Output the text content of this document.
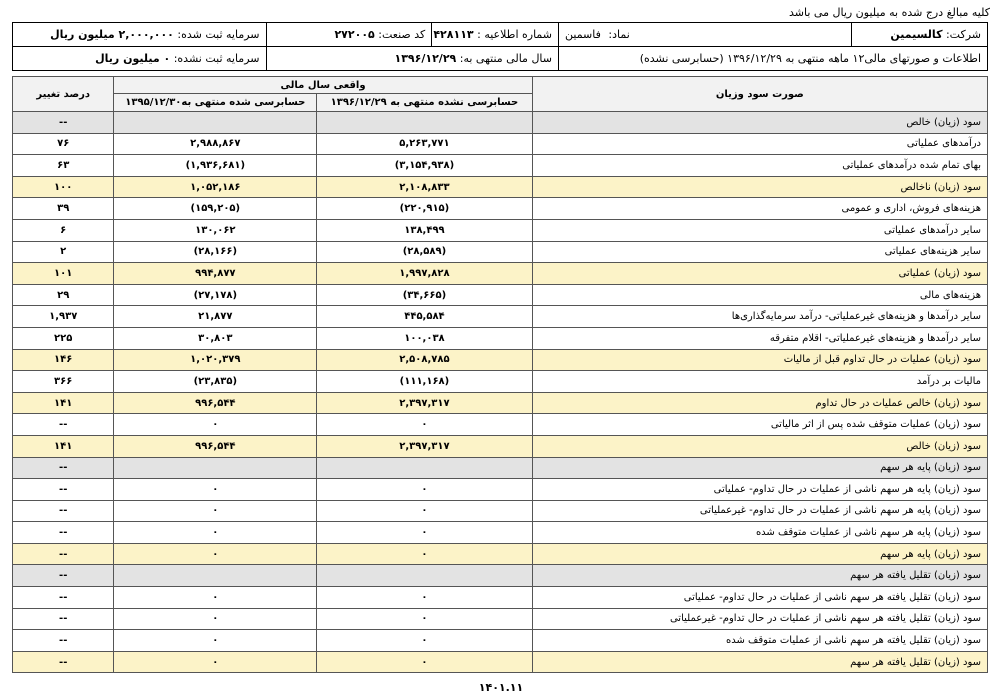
کلیه مبالغ درج شده به میلیون ریال می باشد
شرکت: کالسیمین	نماد: فاسمین	شماره اطلاعیه : ۴۲۸۱۱۳	کد صنعت: ۲۷۲۰۰۵	سرمایه ثبت شده: ۲,۰۰۰,۰۰۰ میلیون ریال
اطلاعات و صورتهای مالی۱۲ ماهه منتهی به ۱۳۹۶/۱۲/۲۹ (حسابرسی نشده)		سال مالی منتهی به: ۱۳۹۶/۱۲/۲۹		سرمایه ثبت نشده: ۰ میلیون ریال
صورت سود وزیان	واقعی سال مالی		درصد تغییر
	حسابرسی نشده منتهی به ۱۳۹۶/۱۲/۲۹	حسابرسی شده منتهی به۱۳۹۵/۱۲/۳۰	
سود (زیان) خالص			--
درآمدهای عملیاتی	۵,۲۶۳,۷۷۱	۲,۹۸۸,۸۶۷	۷۶
بهای تمام شده درآمدهای عملیاتی	(۳,۱۵۴,۹۳۸)	(۱,۹۳۶,۶۸۱)	۶۳
سود (زیان) ناخالص	۲,۱۰۸,۸۳۳	۱,۰۵۲,۱۸۶	۱۰۰
هزینه‌های فروش، اداری و عمومی	(۲۲۰,۹۱۵)	(۱۵۹,۲۰۵)	۳۹
سایر درآمدهای عملیاتی	۱۳۸,۴۹۹	۱۳۰,۰۶۲	۶
سایر هزینه‌های عملیاتی	(۲۸,۵۸۹)	(۲۸,۱۶۶)	۲
سود (زیان) عملیاتی	۱,۹۹۷,۸۲۸	۹۹۴,۸۷۷	۱۰۱
هزینه‌های مالی	(۳۴,۶۶۵)	(۲۷,۱۷۸)	۲۹
سایر درآمدها و هزینه‌های غیرعملیاتی- درآمد سرمایه‌گذاری‌ها	۴۴۵,۵۸۴	۲۱,۸۷۷	۱,۹۳۷
سایر درآمدها و هزینه‌های غیرعملیاتی- اقلام متفرقه	۱۰۰,۰۳۸	۳۰,۸۰۳	۲۲۵
سود (زیان) عملیات در حال تداوم قبل از مالیات	۲,۵۰۸,۷۸۵	۱,۰۲۰,۳۷۹	۱۴۶
مالیات بر درآمد	(۱۱۱,۱۶۸)	(۲۳,۸۳۵)	۳۶۶
سود (زیان) خالص عملیات در حال تداوم	۲,۳۹۷,۳۱۷	۹۹۶,۵۴۴	۱۴۱
سود (زیان) عملیات متوقف شده پس از اثر مالیاتی	۰	۰	--
سود (زیان) خالص	۲,۳۹۷,۳۱۷	۹۹۶,۵۴۴	۱۴۱
سود (زیان) پایه هر سهم			--
سود (زیان) پایه هر سهم ناشی از عملیات در حال تداوم- عملیاتی	۰	۰	--
سود (زیان) پایه هر سهم ناشی از عملیات در حال تداوم- غیرعملیاتی	۰	۰	--
سود (زیان) پایه هر سهم ناشی از عملیات متوقف شده	۰	۰	--
سود (زیان) پایه هر سهم	۰	۰	--
سود (زیان) تقلیل یافته هر سهم			--
سود (زیان) تقلیل یافته هر سهم ناشی از عملیات در حال تداوم- عملیاتی	۰	۰	--
سود (زیان) تقلیل یافته هر سهم ناشی از عملیات در حال تداوم- غیرعملیاتی	۰	۰	--
سود (زیان) تقلیل یافته هر سهم ناشی از عملیات متوقف شده	۰	۰	--
سود (زیان) تقلیل یافته هر سهم	۰	۰	--
۱۴۰۱.۱۱
